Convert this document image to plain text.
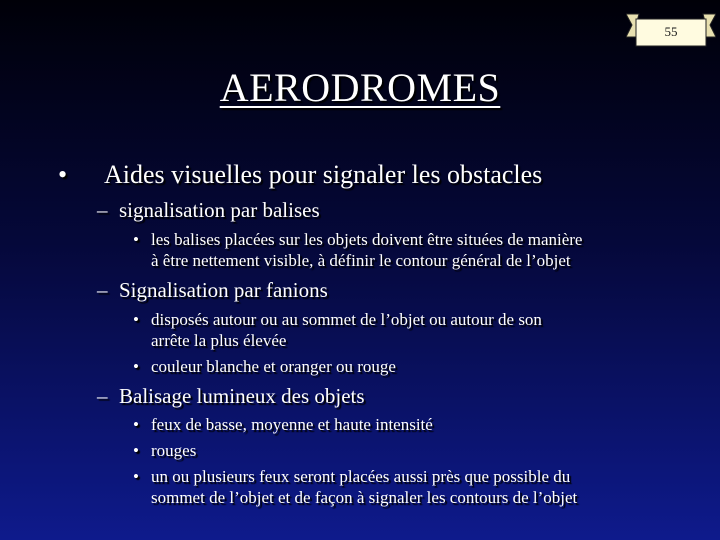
55
AERODROMES
• Aides visuelles pour signaler les obstacles
– signalisation par balises
• les balises placées sur les objets doivent être situées de manière
à être nettement visible, à définir le contour général de l’objet
– Signalisation par fanions
• disposés autour ou au sommet de l’objet ou autour de son
arrête la plus élevée
• couleur blanche et oranger ou rouge
– Balisage lumineux des objets
• feux de basse, moyenne et haute intensité
• rouges
• un ou plusieurs feux seront placées aussi près que possible du
sommet de l’objet et de façon à signaler les contours de l’objet
